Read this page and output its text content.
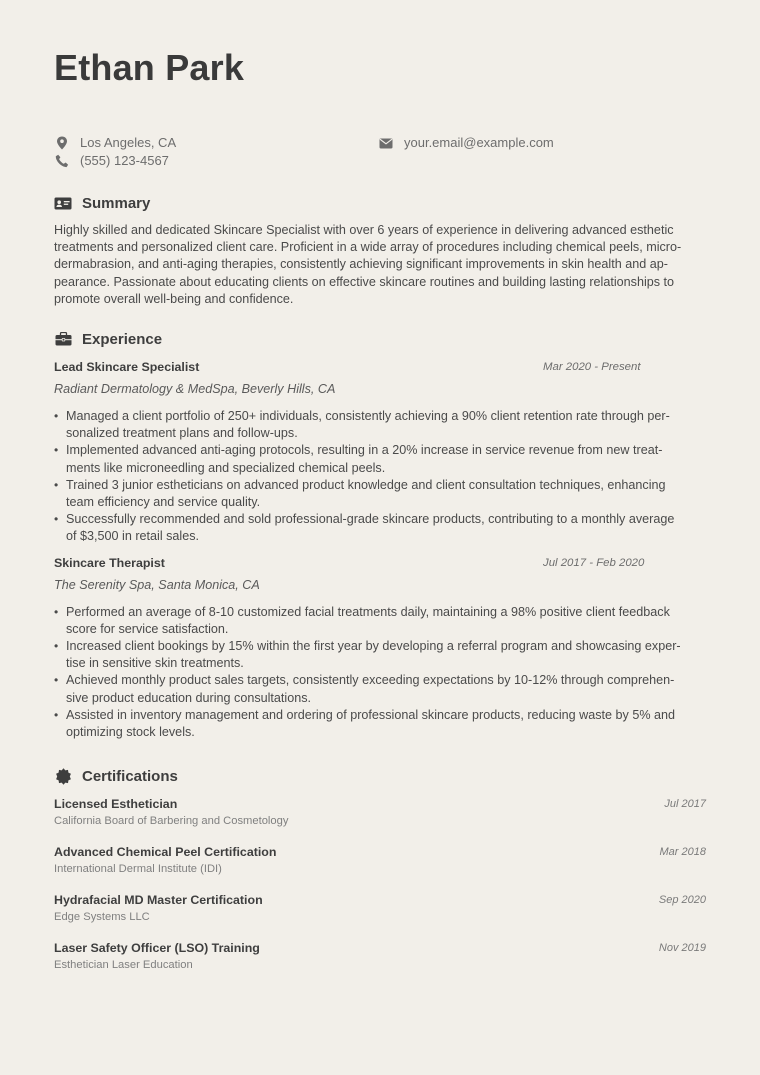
Ethan Park
Los Angeles, CA
(555) 123-4567
your.email@example.com
Summary

Highly skilled and dedicated Skincare Specialist with over 6 years of experience in delivering advanced esthetic
treatments and personalized client care. Proficient in a wide array of procedures including chemical peels, micro-
dermabrasion, and anti-aging therapies, consistently achieving significant improvements in skin health and ap-
pearance. Passionate about educating clients on effective skincare routines and building lasting relationships to
promote overall well-being and confidence.

Experience
Lead Skincare Specialist	Mar 2020 - Present
Radiant Dermatology & MedSpa, Beverly Hills, CA
• Managed a client portfolio of 250+ individuals, consistently achieving a 90% client retention rate through per-
sonalized treatment plans and follow-ups.
• Implemented advanced anti-aging protocols, resulting in a 20% increase in service revenue from new treat-
ments like microneedling and specialized chemical peels.
• Trained 3 junior estheticians on advanced product knowledge and client consultation techniques, enhancing
team efficiency and service quality.
• Successfully recommended and sold professional-grade skincare products, contributing to a monthly average
of $3,500 in retail sales.
Skincare Therapist	Jul 2017 - Feb 2020
The Serenity Spa, Santa Monica, CA
• Performed an average of 8-10 customized facial treatments daily, maintaining a 98% positive client feedback
score for service satisfaction.
• Increased client bookings by 15% within the first year by developing a referral program and showcasing exper-
tise in sensitive skin treatments.
• Achieved monthly product sales targets, consistently exceeding expectations by 10-12% through comprehen-
sive product education during consultations.
• Assisted in inventory management and ordering of professional skincare products, reducing waste by 5% and
optimizing stock levels.
Certifications
Licensed Esthetician
California Board of Barbering and Cosmetology
Jul 2017
Advanced Chemical Peel Certification
International Dermal Institute (IDI)
Mar 2018
Hydrafacial MD Master Certification
Edge Systems LLC
Sep 2020
Laser Safety Officer (LSO) Training
Esthetician Laser Education
Nov 2019
